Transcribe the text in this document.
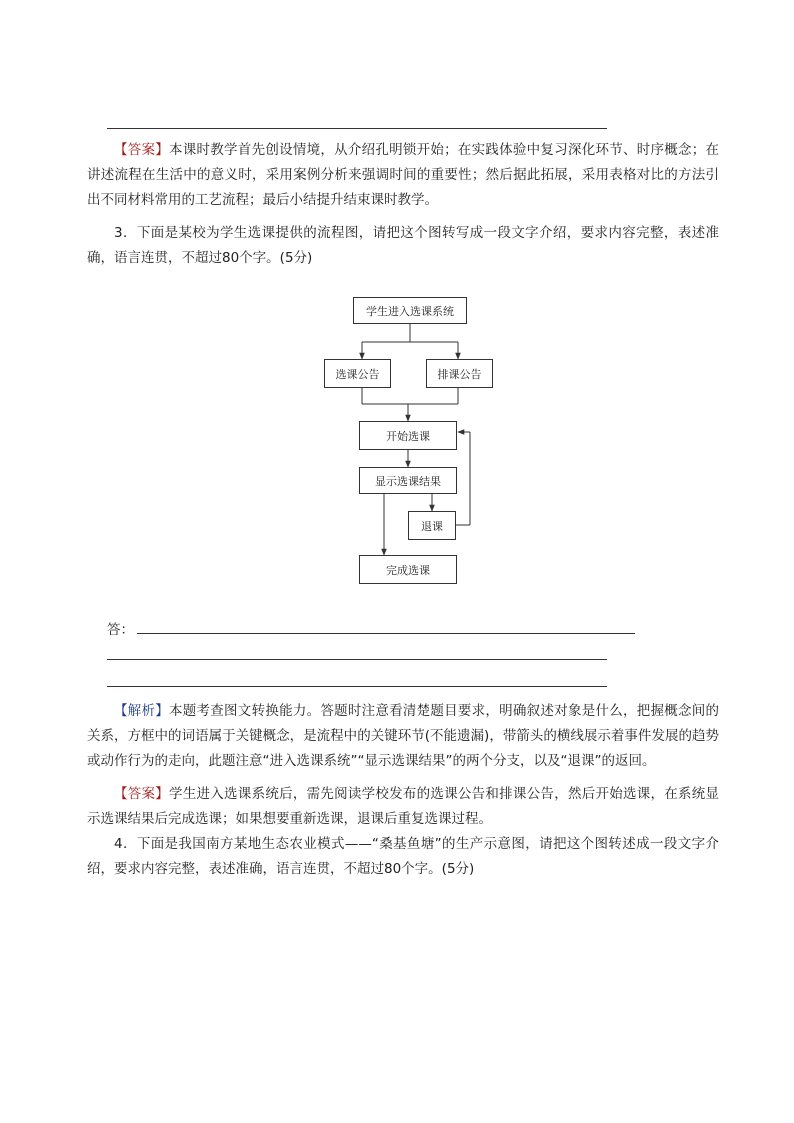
【答案】本课时教学首先创设情境，从介绍孔明锁开始；在实践体验中复习深化环节、时序概念；在讲述流程在生活中的意义时，采用案例分析来强调时间的重要性；然后据此拓展，采用表格对比的方法引出不同材料常用的工艺流程；最后小结提升结束课时教学。

3．下面是某校为学生选课提供的流程图，请把这个图转写成一段文字介绍，要求内容完整，表述准确，语言连贯，不超过80个字。(5分)

学生进入选课系统
选课公告	排课公告
开始选课
显示选课结果
退课
完成选课
答：

【解析】本题考查图文转换能力。答题时注意看清楚题目要求，明确叙述对象是什么，把握概念间的关系，方框中的词语属于关键概念，是流程中的关键环节(不能遗漏)，带箭头的横线展示着事件发展的趋势或动作行为的走向，此题注意“进入选课系统”“显示选课结果”的两个分支，以及“退课”的返回。

【答案】学生进入选课系统后，需先阅读学校发布的选课公告和排课公告，然后开始选课，在系统显示选课结果后完成选课；如果想要重新选课，退课后重复选课过程。

4．下面是我国南方某地生态农业模式——“桑基鱼塘”的生产示意图，请把这个图转述成一段文字介绍，要求内容完整，表述准确，语言连贯，不超过80个字。(5分)
